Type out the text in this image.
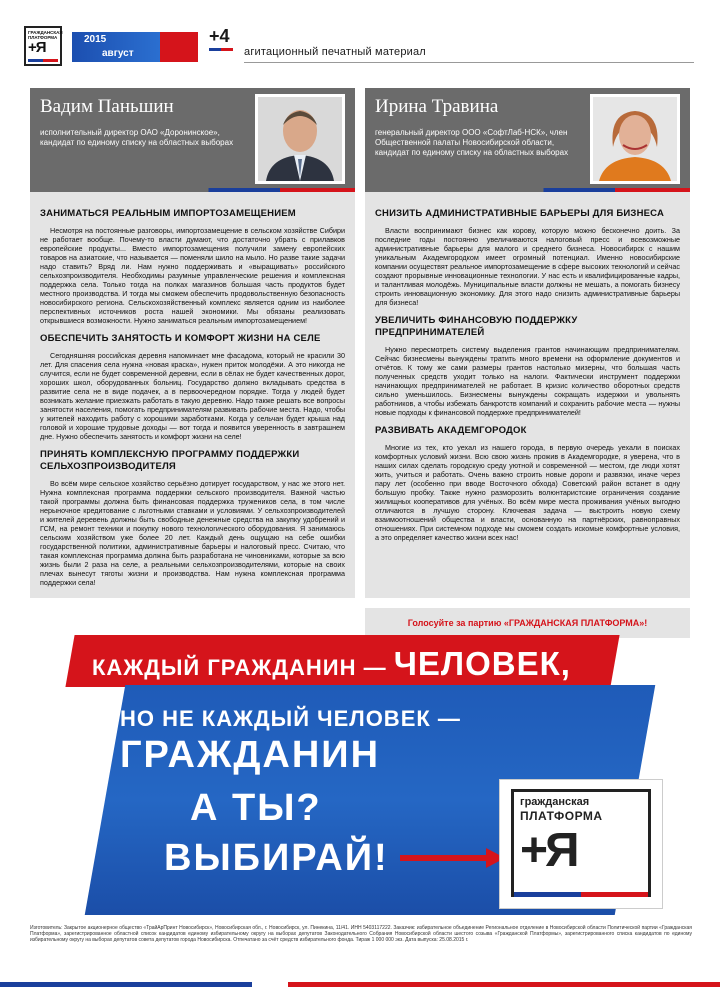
ГРАЖДАНСКАЯ ПЛАТФОРМА
+Я	2015
август
+4
агитационный печатный материал
Вадим Паньшин
исполнительный директор ОАО «Доронинское», кандидат по единому списку на областных выборах
ЗАНИМАТЬСЯ РЕАЛЬНЫМ ИМПОРТОЗАМЕЩЕНИЕМ
Несмотря на постоянные разговоры, импортозамещение в сельском хозяйстве Сибири не работает вообще. Почему-то власти думают, что достаточно убрать с прилавков европейские продукты... Вместо импортозамещения получили замену европейских товаров на азиатские, что называется — поменяли шило на мыло. Но разве такие задачи надо ставить? Вряд ли. Нам нужно поддерживать и «выращивать» российского сельхозпроизводителя. Необходимы разумные управленческие решения и комплексная поддержка села. Только тогда на полках магазинов большая часть продуктов будет местного производства. И тогда мы сможем обеспечить продовольственную безопасность новосибирского региона. Сельскохозяйственный комплекс является одним из наиболее перспективных источников роста нашей экономики. Мы обязаны реализовать открывшиеся возможности. Нужно заниматься реальным импортозамещением!
ОБЕСПЕЧИТЬ ЗАНЯТОСТЬ И КОМФОРТ ЖИЗНИ НА СЕЛЕ
Сегодняшняя российская деревня напоминает мне фасадома, который не красили 30 лет. Для спасения села нужна «новая краска», нужен приток молодёжи. А это никогда не случится, если не будет современной деревни, если в сёлах не будет качественных дорог, хороших школ, оборудованных больниц. Государство должно вкладывать средства в развитие села не в виде подачек, а в первоочередном порядке. Тогда у людей будет возникать желание приезжать работать в такую деревню. Надо также решать все вопросы занятости населения, помогать предпринимателям развивать рабочие места. Надо, чтобы у жителей находить работу с хорошими заработками. Когда у сельчан будет крыша над головой и хорошие трудовые доходы — вот тогда и появится уверенность в завтрашнем дне. Нужно обеспечить занятость и комфорт жизни на селе!
ПРИНЯТЬ КОМПЛЕКСНУЮ ПРОГРАММУ ПОДДЕРЖКИ СЕЛЬХОЗПРОИЗВОДИТЕЛЯ
Во всём мире сельское хозяйство серьёзно дотирует государством, у нас же этого нет. Нужна комплексная программа поддержки сельского производителя. Важной частью такой программы должна быть финансовая поддержка тружеников села, в том числе нерыночное кредитование с льготными ставками и условиями. У сельхозпроизводителей и жителей деревень должны быть свободные денежные средства на закупку удобрений и ГСМ, на ремонт техники и покупку нового технологического оборудования. Я занимаюсь сельским хозяйством уже более 20 лет. Каждый день ощущаю на себе ошибки государственной политики, административные барьеры и налоговый пресс. Считаю, что такая комплексная программа должна быть разработана не чиновниками, которые за всю жизнь были 2 раза на селе, а реальными сельхозпроизводителями, которые на своих плечах вынесут тяготы жизни и производства. Нам нужна комплексная программа поддержки села!
Ирина Травина
генеральный директор ООО «СофтЛаб-НСК», член Общественной палаты Новосибирской области, кандидат по единому списку на областных выборах
СНИЗИТЬ АДМИНИСТРАТИВНЫЕ БАРЬЕРЫ ДЛЯ БИЗНЕСА
Власти воспринимают бизнес как корову, которую можно бесконечно доить. За последние годы постоянно увеличиваются налоговый пресс и всевозможные административные барьеры для малого и среднего бизнеса. Новосибирск с нашим уникальным Академгородком имеет огромный потенциал. Именно новосибирские компании осуществят реальное импортозамещение в сфере высоких технологий и сейчас создают прорывные инновационные технологии. У нас есть и квалифицированные кадры, и талантливая молодёжь. Муниципальные власти должны не мешать, а помогать бизнесу строить инновационную экономику. Для этого надо снизить административные барьеры для бизнеса!
УВЕЛИЧИТЬ ФИНАНСОВУЮ ПОДДЕРЖКУ ПРЕДПРИНИМАТЕЛЕЙ
Нужно пересмотреть систему выделения грантов начинающим предпринимателям. Сейчас бизнесмены вынуждены тратить много времени на оформление документов и отчётов. К тому же сами размеры грантов настолько мизерны, что большая часть полученных средств уходит только на налоги. Фактически инструмент поддержки начинающих предпринимателей не работает. В кризис количество оборотных средств сильно уменьшилось. Бизнесмены вынуждены сокращать издержки и увольнять работников, а чтобы избежать банкротств компаний и сохранить рабочие места — нужны новые подходы к финансовой поддержке предпринимателей!
РАЗВИВАТЬ АКАДЕМГОРОДОК
Многие из тех, кто уехал из нашего города, в первую очередь уехали в поисках комфортных условий жизни. Всю свою жизнь прожив в Академгородке, я уверена, что в наших силах сделать городскую среду уютной и современной — местом, где люди хотят жить, учиться и работать. Очень важно строить новые дороги и развязки, иначе через пару лет (особенно при вводе Восточного обхода) Советский район встанет в одну большую пробку. Также нужно разморозить волюнтаристские ограничения создание жилищных кооперативов для учёных. Во всём мире места проживания учёных выгодно отличаются в лучшую сторону. Ключевая задача — выстроить новую схему взаимоотношений общества и власти, основанную на партнёрских, равноправных отношениях. При системном подходе мы сможем создать искомые комфортные условия, а это определяет качество жизни всех нас!
Голосуйте за партию «ГРАЖДАНСКАЯ ПЛАТФОРМА»!
КАЖДЫЙ ГРАЖДАНИН — ЧЕЛОВЕК,
НО НЕ КАЖДЫЙ ЧЕЛОВЕК —
ГРАЖДАНИН
А ТЫ?
ВЫБИРАЙ!
гражданская
ПЛАТФОРМА
+Я
Изготовитель: Закрытое акционерное общество «ТрайАрПринт Новосибирск», Новосибирская обл., г. Новосибирск, ул. Пинекина, 11/41. ИНН 5403117222. Заказчик: избирательное объединение Региональное отделение в Новосибирской области Политической партии «Гражданская Платформа», зарегистрированное областной список кандидатов единому избирательному округу на выборах депутатов Законодательного Собрания Новосибирской области шестого созыва «Гражданской Платформы», зарегистрированного списка кандидатов по единому избирательному округу на выборах депутатов совета депутатов города Новосибирска. Отпечатано за счёт средств избирательного фонда. Тираж 1 000 000 экз. Дата выпуска: 25.08.2015 г.
